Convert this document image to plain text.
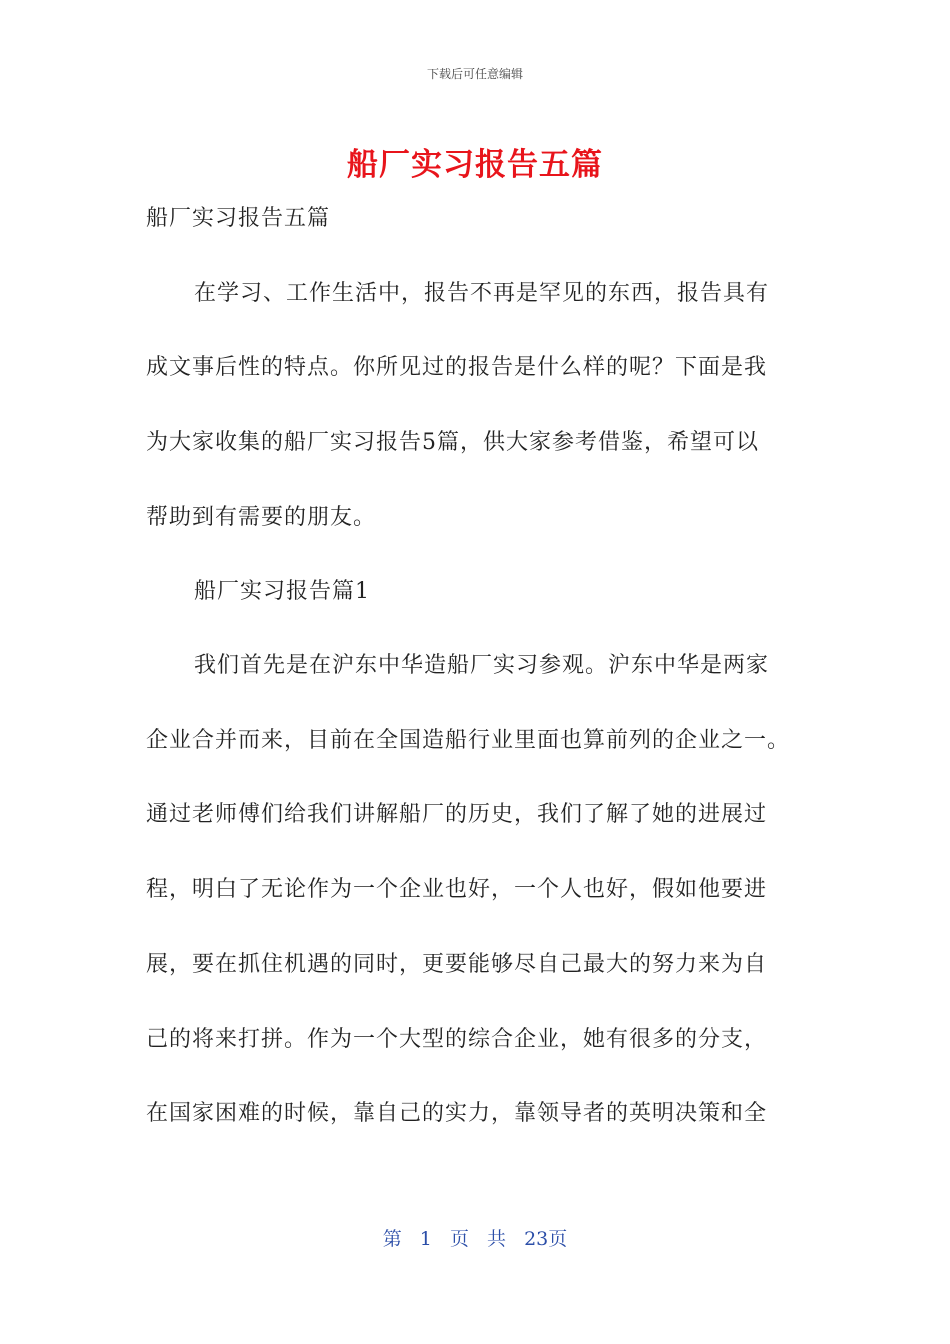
下载后可任意编辑
船厂实习报告五篇
船厂实习报告五篇
在学习、工作生活中，报告不再是罕见的东西，报告具有
成文事后性的特点。你所见过的报告是什么样的呢？下面是我
为大家收集的船厂实习报告5篇，供大家参考借鉴，希望可以
帮助到有需要的朋友。
船厂实习报告篇1
我们首先是在沪东中华造船厂实习参观。沪东中华是两家
企业合并而来，目前在全国造船行业里面也算前列的企业之一。
通过老师傅们给我们讲解船厂的历史，我们了解了她的进展过
程，明白了无论作为一个企业也好，一个人也好，假如他要进
展，要在抓住机遇的同时，更要能够尽自己最大的努力来为自
己的将来打拼。作为一个大型的综合企业，她有很多的分支，
在国家困难的时候，靠自己的实力，靠领导者的英明决策和全
第 1 页 共 23页
